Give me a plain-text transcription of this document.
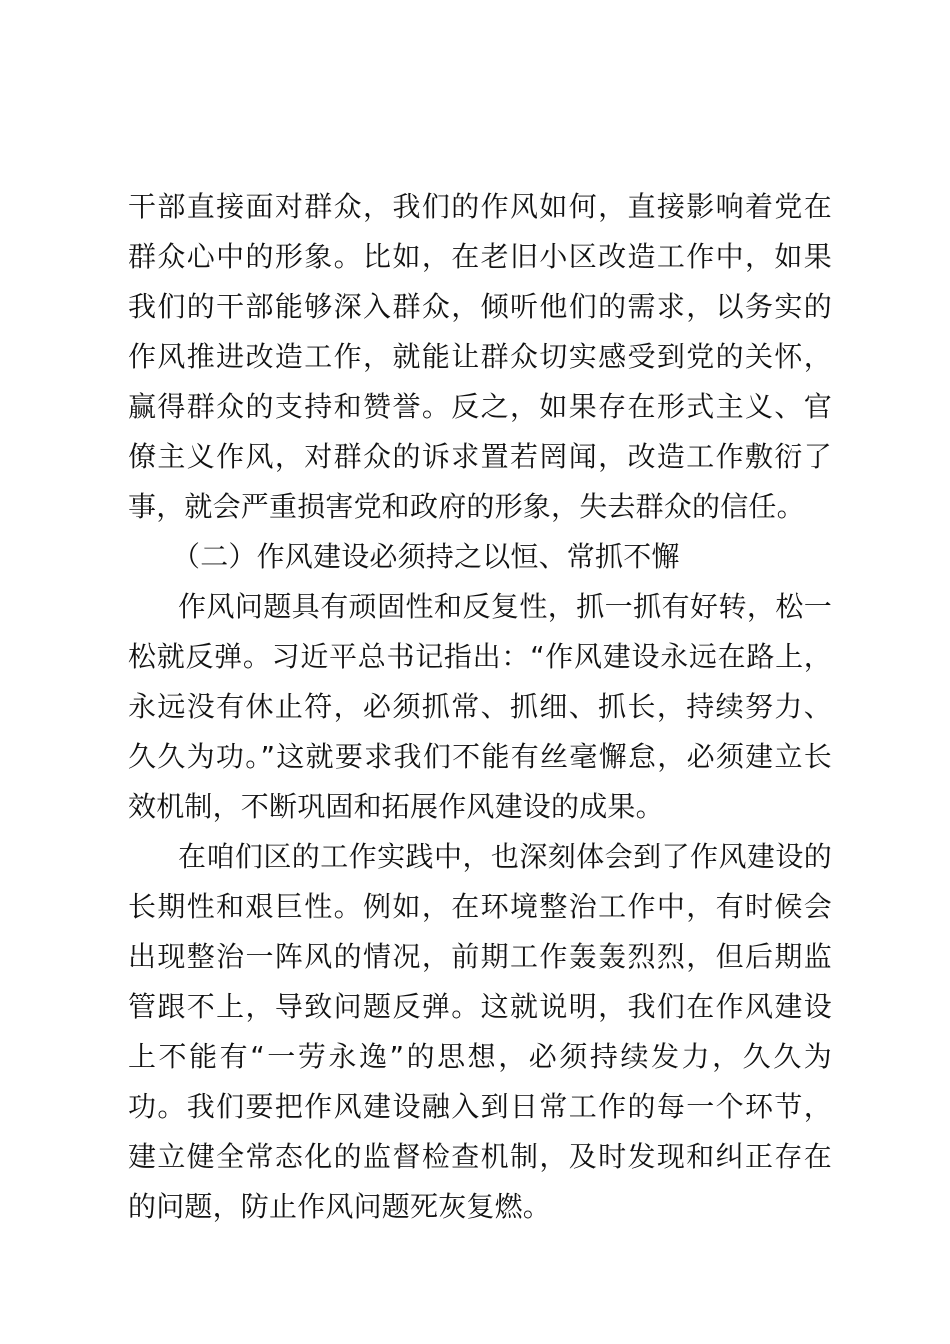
干部直接面对群众，我们的作风如何，直接影响着党在群众心中的形象。比如，在老旧小区改造工作中，如果我们的干部能够深入群众，倾听他们的需求，以务实的作风推进改造工作，就能让群众切实感受到党的关怀，赢得群众的支持和赞誉。反之，如果存在形式主义、官僚主义作风，对群众的诉求置若罔闻，改造工作敷衍了事，就会严重损害党和政府的形象，失去群众的信任。

（二）作风建设必须持之以恒、常抓不懈

作风问题具有顽固性和反复性，抓一抓有好转，松一松就反弹。习近平总书记指出：“作风建设永远在路上，永远没有休止符，必须抓常、抓细、抓长，持续努力、久久为功。”这就要求我们不能有丝毫懈怠，必须建立长效机制，不断巩固和拓展作风建设的成果。

在咱们区的工作实践中，也深刻体会到了作风建设的长期性和艰巨性。例如，在环境整治工作中，有时候会出现整治一阵风的情况，前期工作轰轰烈烈，但后期监管跟不上，导致问题反弹。这就说明，我们在作风建设上不能有“一劳永逸”的思想，必须持续发力，久久为功。我们要把作风建设融入到日常工作的每一个环节，建立健全常态化的监督检查机制，及时发现和纠正存在的问题，防止作风问题死灰复燃。
